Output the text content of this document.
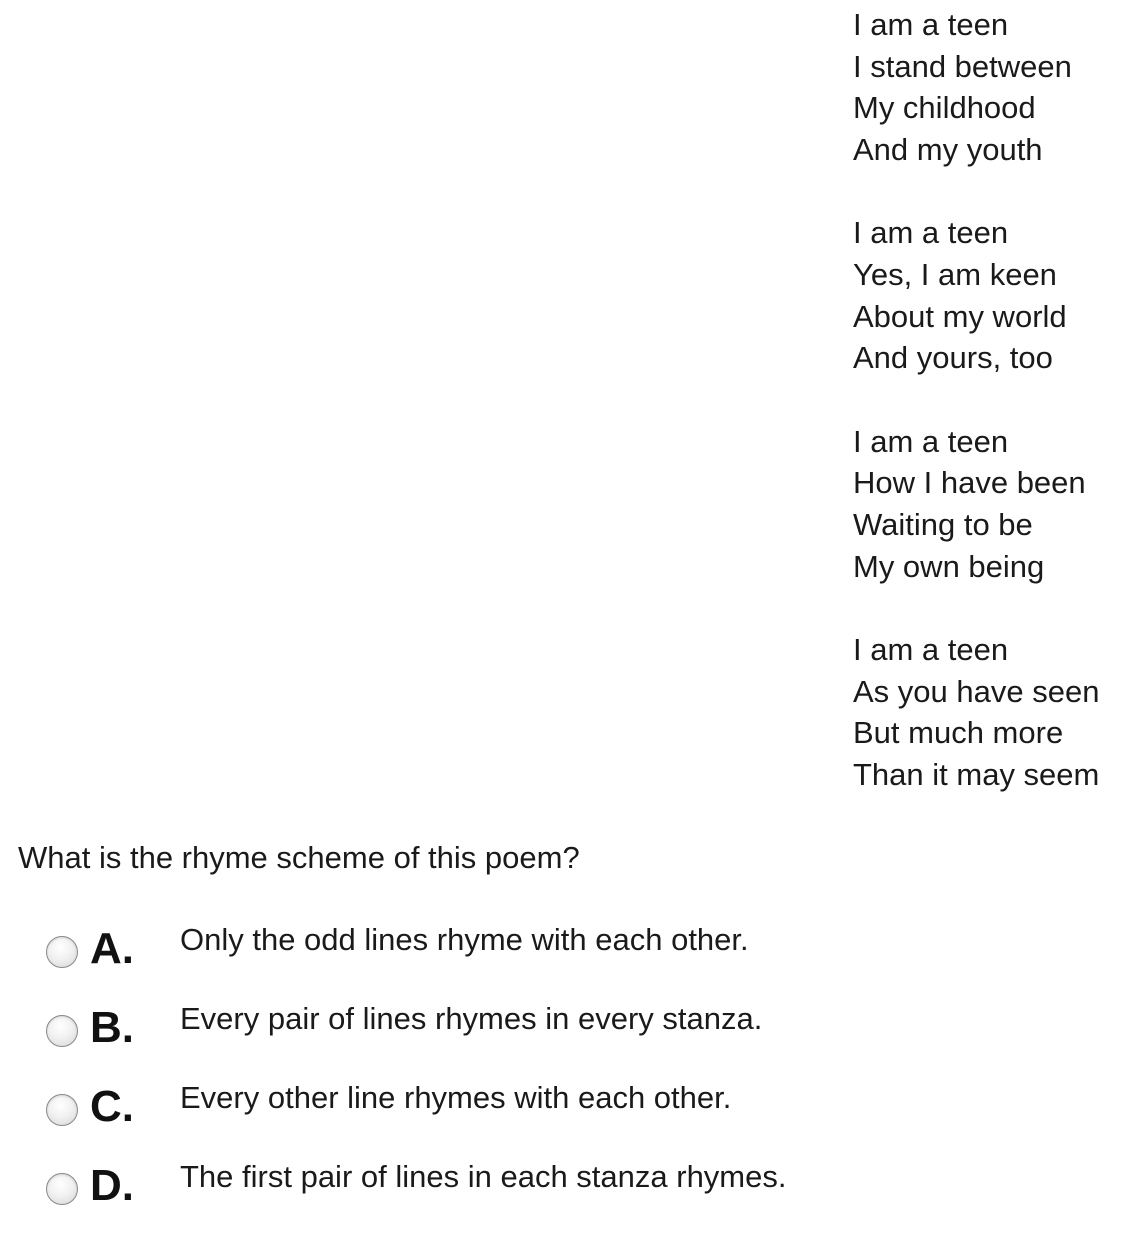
I am a teen
I stand between
My childhood
And my youth
I am a teen
Yes, I am keen
About my world
And yours, too
I am a teen
How I have been
Waiting to be
My own being
I am a teen
As you have seen
But much more
Than it may seem
What is the rhyme scheme of this poem?
A. Only the odd lines rhyme with each other.
B. Every pair of lines rhymes in every stanza.
C. Every other line rhymes with each other.
D. The first pair of lines in each stanza rhymes.
